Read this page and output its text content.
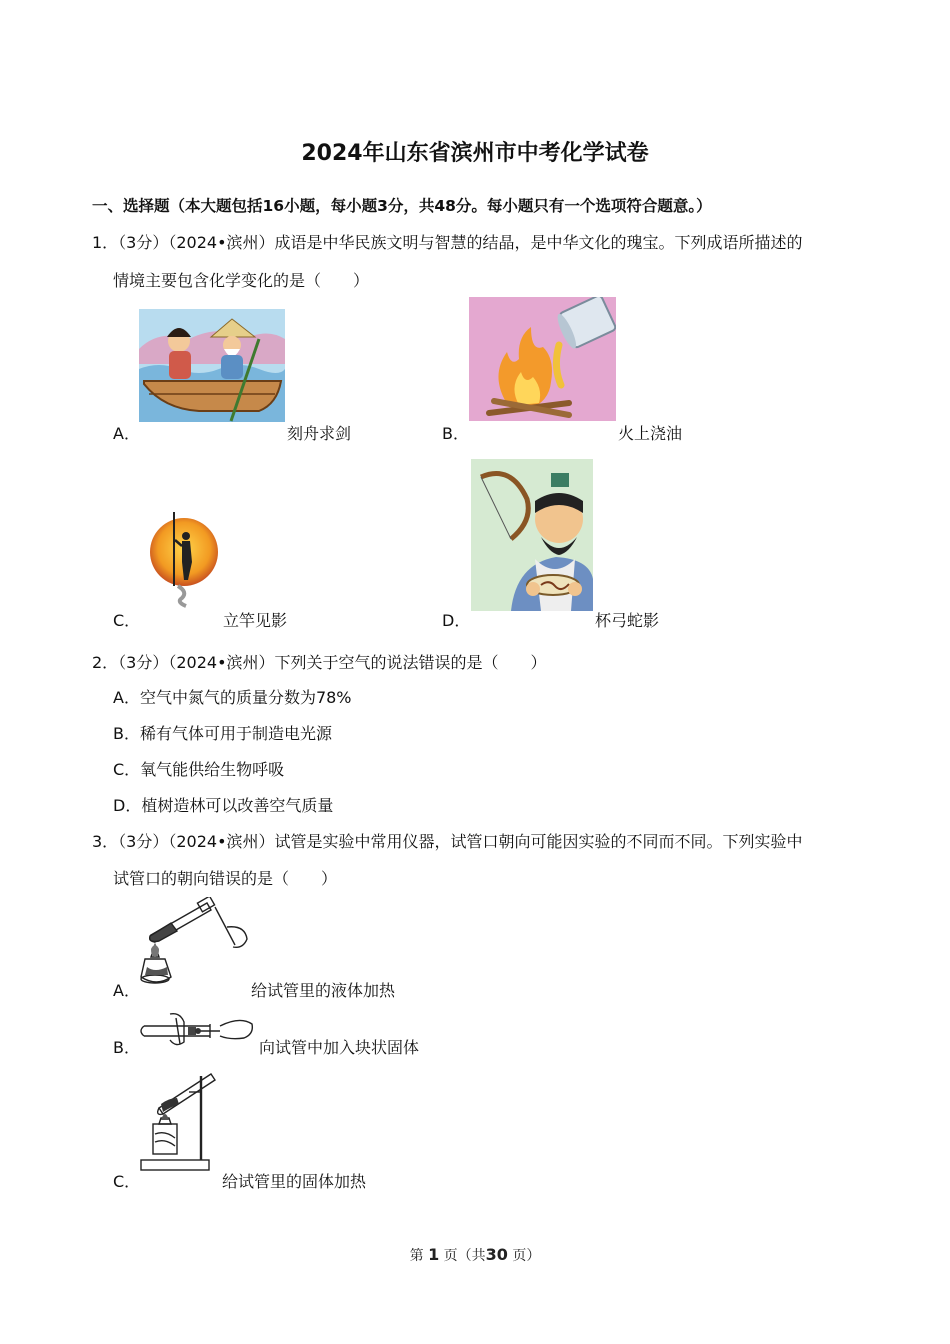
2024年山东省滨州市中考化学试卷
一、选择题（本大题包括16小题，每小题3分，共48分。每小题只有一个选项符合题意。）
1．（3分）（2024•滨州）成语是中华民族文明与智慧的结晶，是中华文化的瑰宝。下列成语所描述的
情境主要包含化学变化的是（　　）
A．	刻舟求剑	B．	火上浇油
C．	立竿见影	D．	杯弓蛇影
2．（3分）（2024•滨州）下列关于空气的说法错误的是（　　）
A．空气中氮气的质量分数为78%
B．稀有气体可用于制造电光源
C．氧气能供给生物呼吸
D．植树造林可以改善空气质量
3．（3分）（2024•滨州）试管是实验中常用仪器，试管口朝向可能因实验的不同而不同。下列实验中
试管口的朝向错误的是（　　）
A．	给试管里的液体加热
B．	向试管中加入块状固体
C．	给试管里的固体加热
第 1 页（共30 页）
